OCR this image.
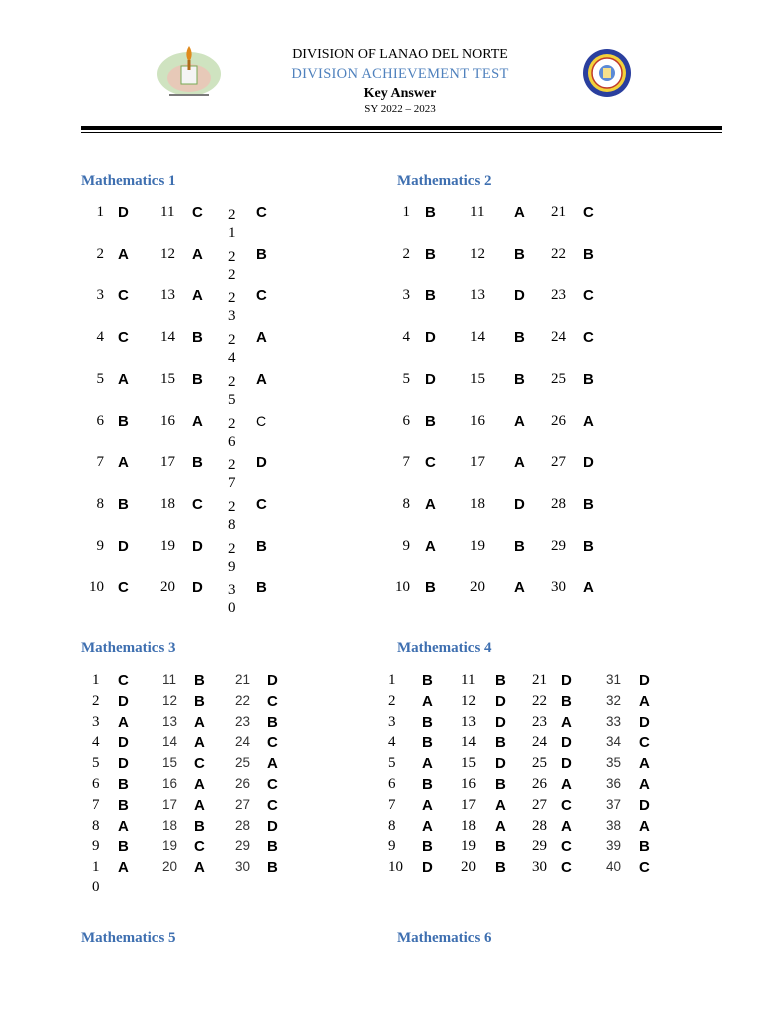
DIVISION OF LANAO DEL NORTE
DIVISION ACHIEVEMENT TEST
Key Answer
SY 2022 – 2023
Mathematics 1
1 D
2 A
3 C
4 C
5 A
6 B
7 A
8 B
9 D
10 C
11 C
12 A
13 A
14 B
15 B
16 A
17 B
18 C
19 D
20 D
2
1
C
2
2
B
2
3
C
2
4
A
2
5
A
2
6
C
2
7
D
2
8
C
2
9
B
3
0
B
Mathematics 2
1 B
2 B
3 B
4 D
5 D
6 B
7 C
8 A
9 A
10 B
11 A
12 B
13 D
14 B
15 B
16 A
17 A
18 D
19 B
20 A
21 C
22 B
23 C
24 C
25 B
26 A
27 D
28 B
29 B
30 A
Mathematics 3
1 C
2 D
3 A
4 D
5 D
6 B
7 B
8 A
9 B
1
0
A
11 B
12 B
13 A
14 A
15 C
16 A
17 A
18 B
19 C
20 A
21 D
22 C
23 B
24 C
25 A
26 C
27 C
28 D
29 B
30 B
Mathematics 4
1 B
2 A
3 B
4 B
5 A
6 B
7 A
8 A
9 B
10 D
11 B
12 D
13 D
14 B
15 D
16 B
17 A
18 A
19 B
20 B
21 D
22 B
23 A
24 D
25 D
26 A
27 C
28 A
29 C
30 C
31 D
32 A
33 D
34 C
35 A
36 A
37 D
38 A
39 B
40 C
Mathematics 5	Mathematics 6
